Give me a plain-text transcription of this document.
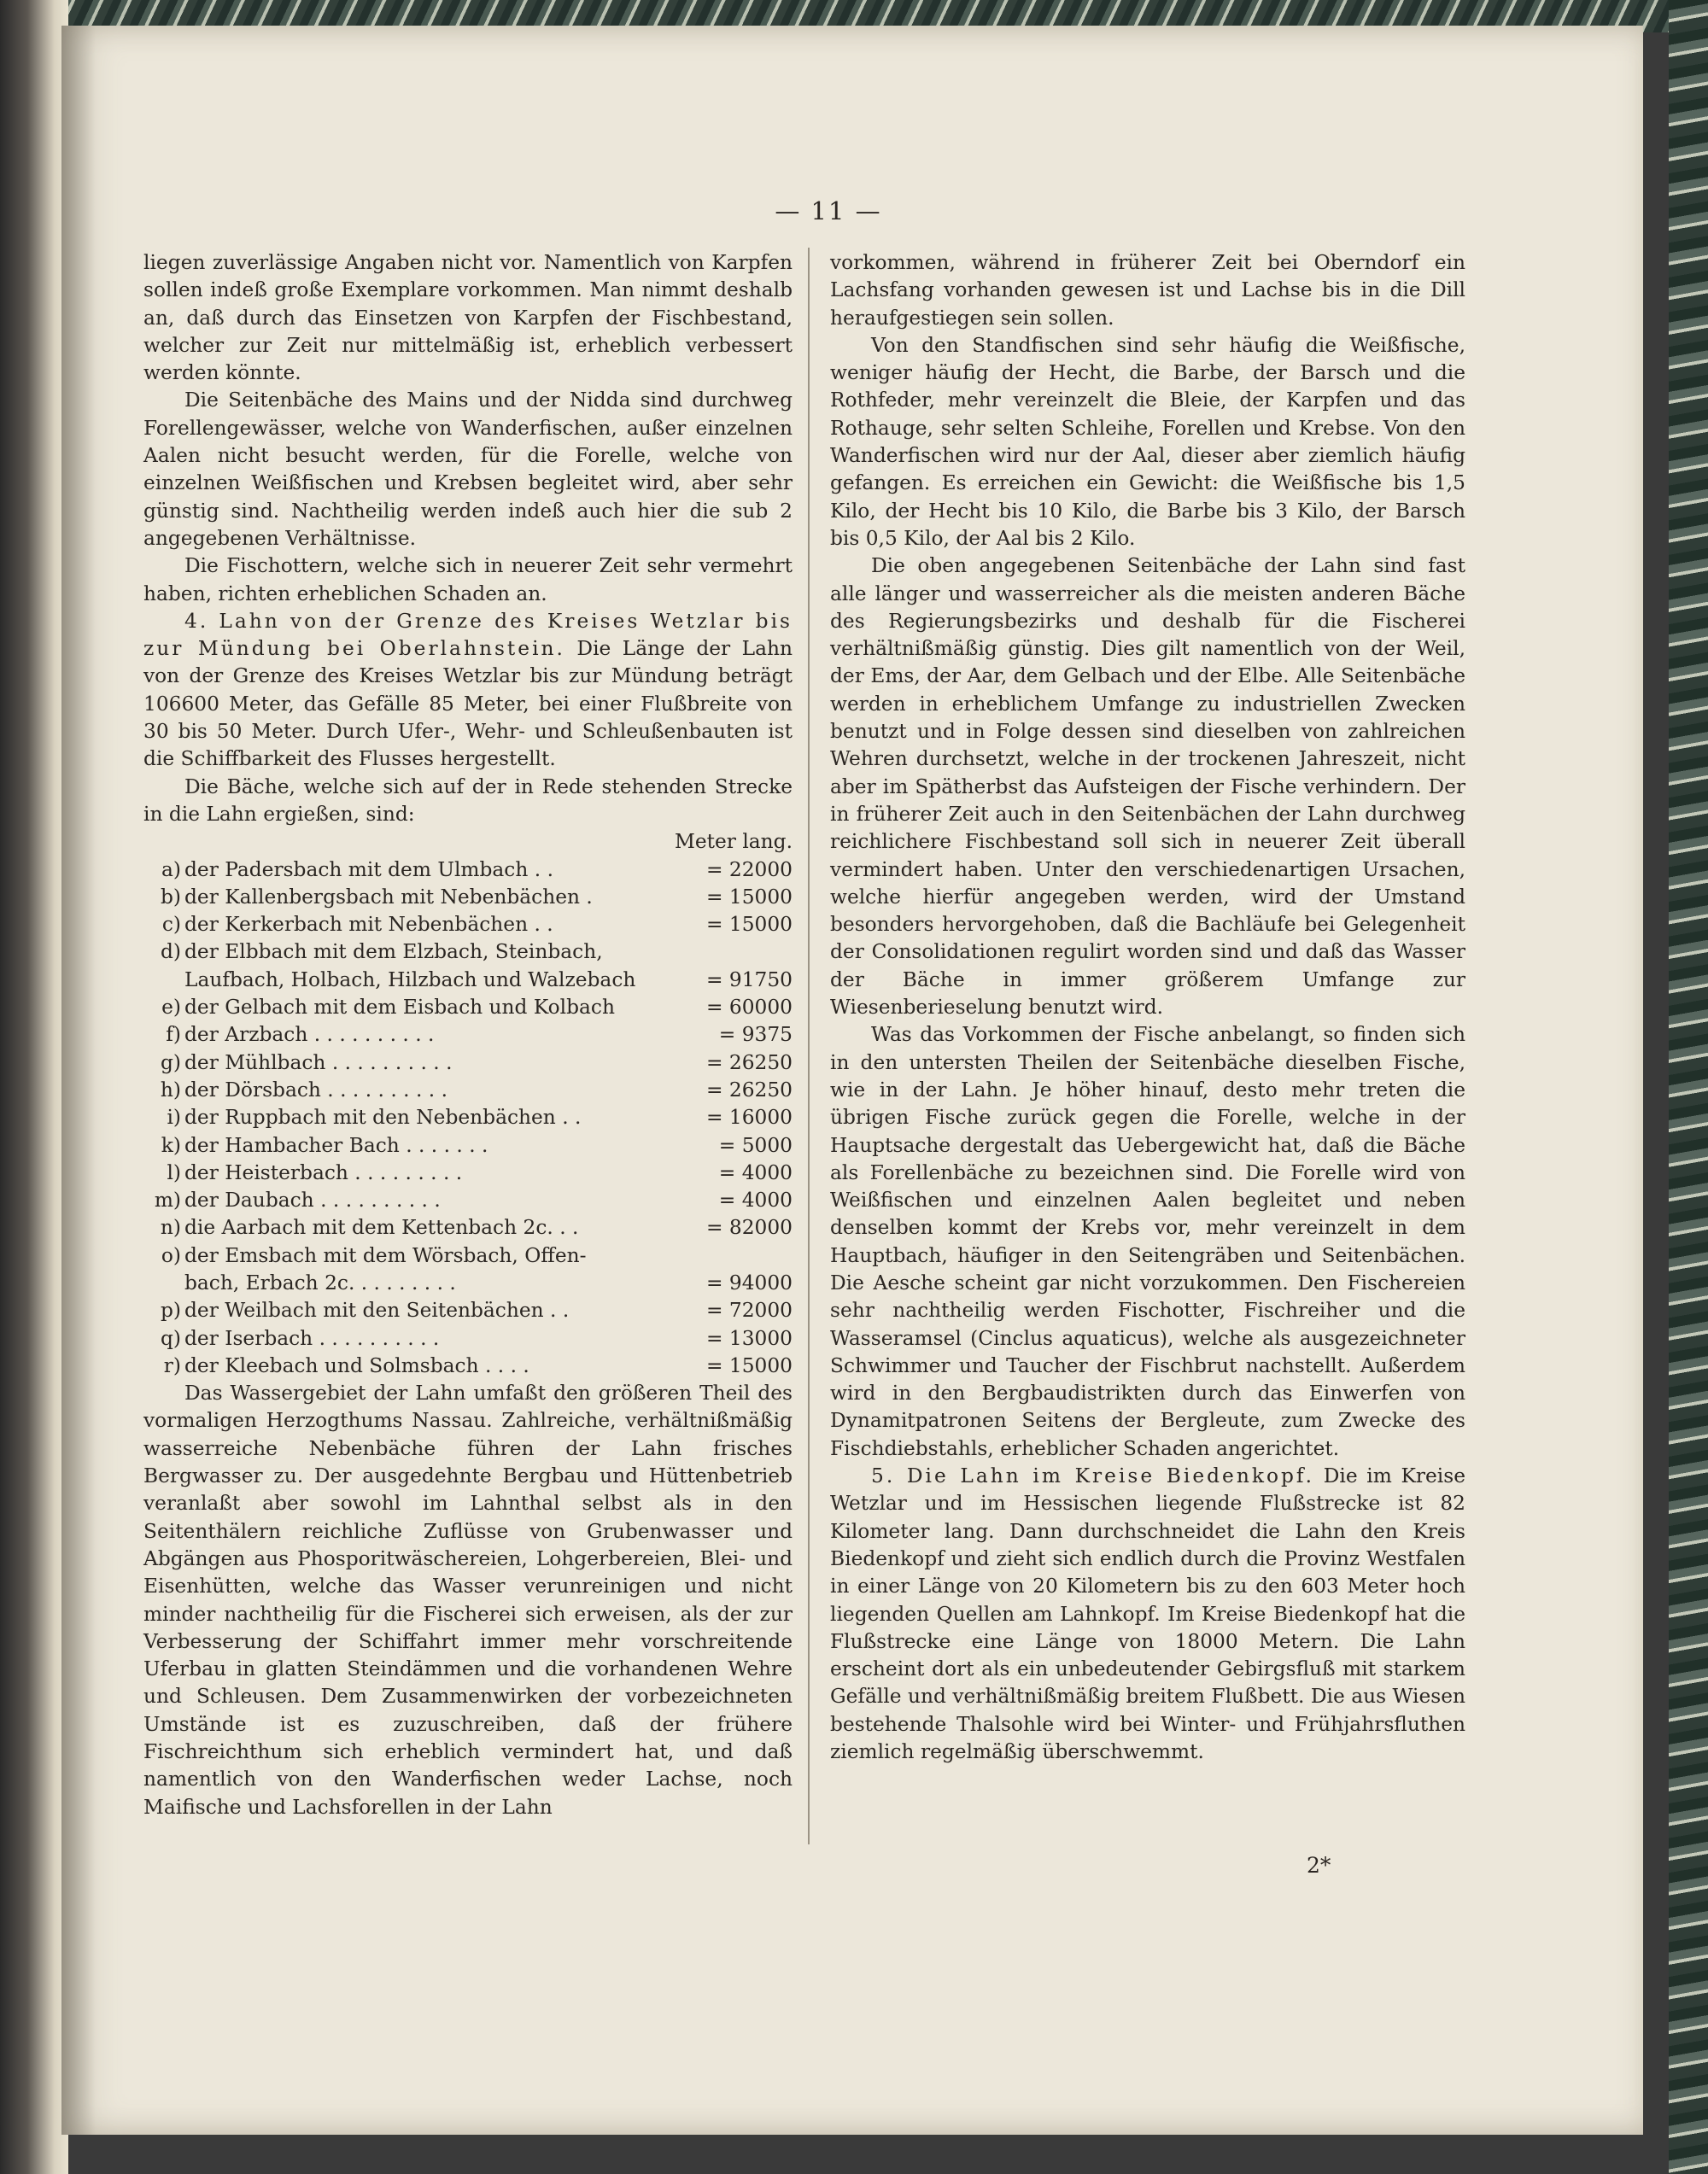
— 11 —

liegen zuverlässige Angaben nicht vor. Namentlich von Karpfen sollen indeß große Exemplare vorkommen. Man nimmt deshalb an, daß durch das Einsetzen von Karpfen der Fischbestand, welcher zur Zeit nur mittelmäßig ist, erheblich verbessert werden könnte.

Die Seitenbäche des Mains und der Nidda sind durchweg Forellengewässer, welche von Wanderfischen, außer einzelnen Aalen nicht besucht werden, für die Forelle, welche von einzelnen Weißfischen und Krebsen begleitet wird, aber sehr günstig sind. Nachtheilig werden indeß auch hier die sub 2 angegebenen Verhältnisse.

Die Fischottern, welche sich in neuerer Zeit sehr vermehrt haben, richten erheblichen Schaden an.

4. Lahn von der Grenze des Kreises Wetzlar bis zur Mündung bei Oberlahnstein. Die Länge der Lahn von der Grenze des Kreises Wetzlar bis zur Mündung beträgt 106600 Meter, das Gefälle 85 Meter, bei einer Flußbreite von 30 bis 50 Meter. Durch Ufer-, Wehr- und Schleußenbauten ist die Schiffbarkeit des Flusses hergestellt.

Die Bäche, welche sich auf der in Rede stehenden Strecke in die Lahn ergießen, sind:

Meter lang.
a) der Padersbach mit dem Ulmbach . .	= 22000
b) der Kallenbergsbach mit Nebenbächen .	= 15000
c) der Kerkerbach mit Nebenbächen . .	= 15000
d) der Elbbach mit dem Elzbach, Steinbach,
Laufbach, Holbach, Hilzbach und Walzebach	= 91750
e) der Gelbach mit dem Eisbach und Kolbach	= 60000
f) der Arzbach . . . . . . . . . .	= 9375
g) der Mühlbach . . . . . . . . . .	= 26250
h) der Dörsbach . . . . . . . . . .	= 26250
i) der Ruppbach mit den Nebenbächen . .	= 16000
k) der Hambacher Bach . . . . . . .	= 5000
l) der Heisterbach . . . . . . . . .	= 4000
m) der Daubach . . . . . . . . . .	= 4000
n) die Aarbach mit dem Kettenbach 2c. . .	= 82000
o) der Emsbach mit dem Wörsbach, Offen-
bach, Erbach 2c. . . . . . . . .	= 94000
p) der Weilbach mit den Seitenbächen . .	= 72000
q) der Iserbach . . . . . . . . . .	= 13000
r) der Kleebach und Solmsbach . . . .	= 15000

Das Wassergebiet der Lahn umfaßt den größeren Theil des vormaligen Herzogthums Nassau. Zahlreiche, verhältnißmäßig wasserreiche Nebenbäche führen der Lahn frisches Bergwasser zu. Der ausgedehnte Bergbau und Hüttenbetrieb veranlaßt aber sowohl im Lahnthal selbst als in den Seitenthälern reichliche Zuflüsse von Grubenwasser und Abgängen aus Phosporitwäschereien, Lohgerbereien, Blei- und Eisenhütten, welche das Wasser verunreinigen und nicht minder nachtheilig für die Fischerei sich erweisen, als der zur Verbesserung der Schiffahrt immer mehr vorschreitende Uferbau in glatten Steindämmen und die vorhandenen Wehre und Schleusen. Dem Zusammenwirken der vorbezeichneten Umstände ist es zuzuschreiben, daß der frühere Fischreichthum sich erheblich vermindert hat, und daß namentlich von den Wanderfischen weder Lachse, noch Maifische und Lachsforellen in der Lahn

vorkommen, während in früherer Zeit bei Oberndorf ein Lachsfang vorhanden gewesen ist und Lachse bis in die Dill heraufgestiegen sein sollen.

Von den Standfischen sind sehr häufig die Weißfische, weniger häufig der Hecht, die Barbe, der Barsch und die Rothfeder, mehr vereinzelt die Bleie, der Karpfen und das Rothauge, sehr selten Schleihe, Forellen und Krebse. Von den Wanderfischen wird nur der Aal, dieser aber ziemlich häufig gefangen. Es erreichen ein Gewicht: die Weißfische bis 1,5 Kilo, der Hecht bis 10 Kilo, die Barbe bis 3 Kilo, der Barsch bis 0,5 Kilo, der Aal bis 2 Kilo.

Die oben angegebenen Seitenbäche der Lahn sind fast alle länger und wasserreicher als die meisten anderen Bäche des Regierungsbezirks und deshalb für die Fischerei verhältnißmäßig günstig. Dies gilt namentlich von der Weil, der Ems, der Aar, dem Gelbach und der Elbe. Alle Seitenbäche werden in erheblichem Umfange zu industriellen Zwecken benutzt und in Folge dessen sind dieselben von zahlreichen Wehren durchsetzt, welche in der trockenen Jahreszeit, nicht aber im Spätherbst das Aufsteigen der Fische verhindern. Der in früherer Zeit auch in den Seitenbächen der Lahn durchweg reichlichere Fischbestand soll sich in neuerer Zeit überall vermindert haben. Unter den verschiedenartigen Ursachen, welche hierfür angegeben werden, wird der Umstand besonders hervorgehoben, daß die Bachläufe bei Gelegenheit der Consolidationen regulirt worden sind und daß das Wasser der Bäche in immer größerem Umfange zur Wiesenberieselung benutzt wird.

Was das Vorkommen der Fische anbelangt, so finden sich in den untersten Theilen der Seitenbäche dieselben Fische, wie in der Lahn. Je höher hinauf, desto mehr treten die übrigen Fische zurück gegen die Forelle, welche in der Hauptsache dergestalt das Uebergewicht hat, daß die Bäche als Forellenbäche zu bezeichnen sind. Die Forelle wird von Weißfischen und einzelnen Aalen begleitet und neben denselben kommt der Krebs vor, mehr vereinzelt in dem Hauptbach, häufiger in den Seitengräben und Seitenbächen. Die Aesche scheint gar nicht vorzukommen. Den Fischereien sehr nachtheilig werden Fischotter, Fischreiher und die Wasseramsel (Cinclus aquaticus), welche als ausgezeichneter Schwimmer und Taucher der Fischbrut nachstellt. Außerdem wird in den Bergbaudistrikten durch das Einwerfen von Dynamitpatronen Seitens der Bergleute, zum Zwecke des Fischdiebstahls, erheblicher Schaden angerichtet.

5. Die Lahn im Kreise Biedenkopf. Die im Kreise Wetzlar und im Hessischen liegende Flußstrecke ist 82 Kilometer lang. Dann durchschneidet die Lahn den Kreis Biedenkopf und zieht sich endlich durch die Provinz Westfalen in einer Länge von 20 Kilometern bis zu den 603 Meter hoch liegenden Quellen am Lahnkopf. Im Kreise Biedenkopf hat die Flußstrecke eine Länge von 18000 Metern. Die Lahn erscheint dort als ein unbedeutender Gebirgsfluß mit starkem Gefälle und verhältnißmäßig breitem Flußbett. Die aus Wiesen bestehende Thalsohle wird bei Winter- und Frühjahrsfluthen ziemlich regelmäßig überschwemmt.

2*
